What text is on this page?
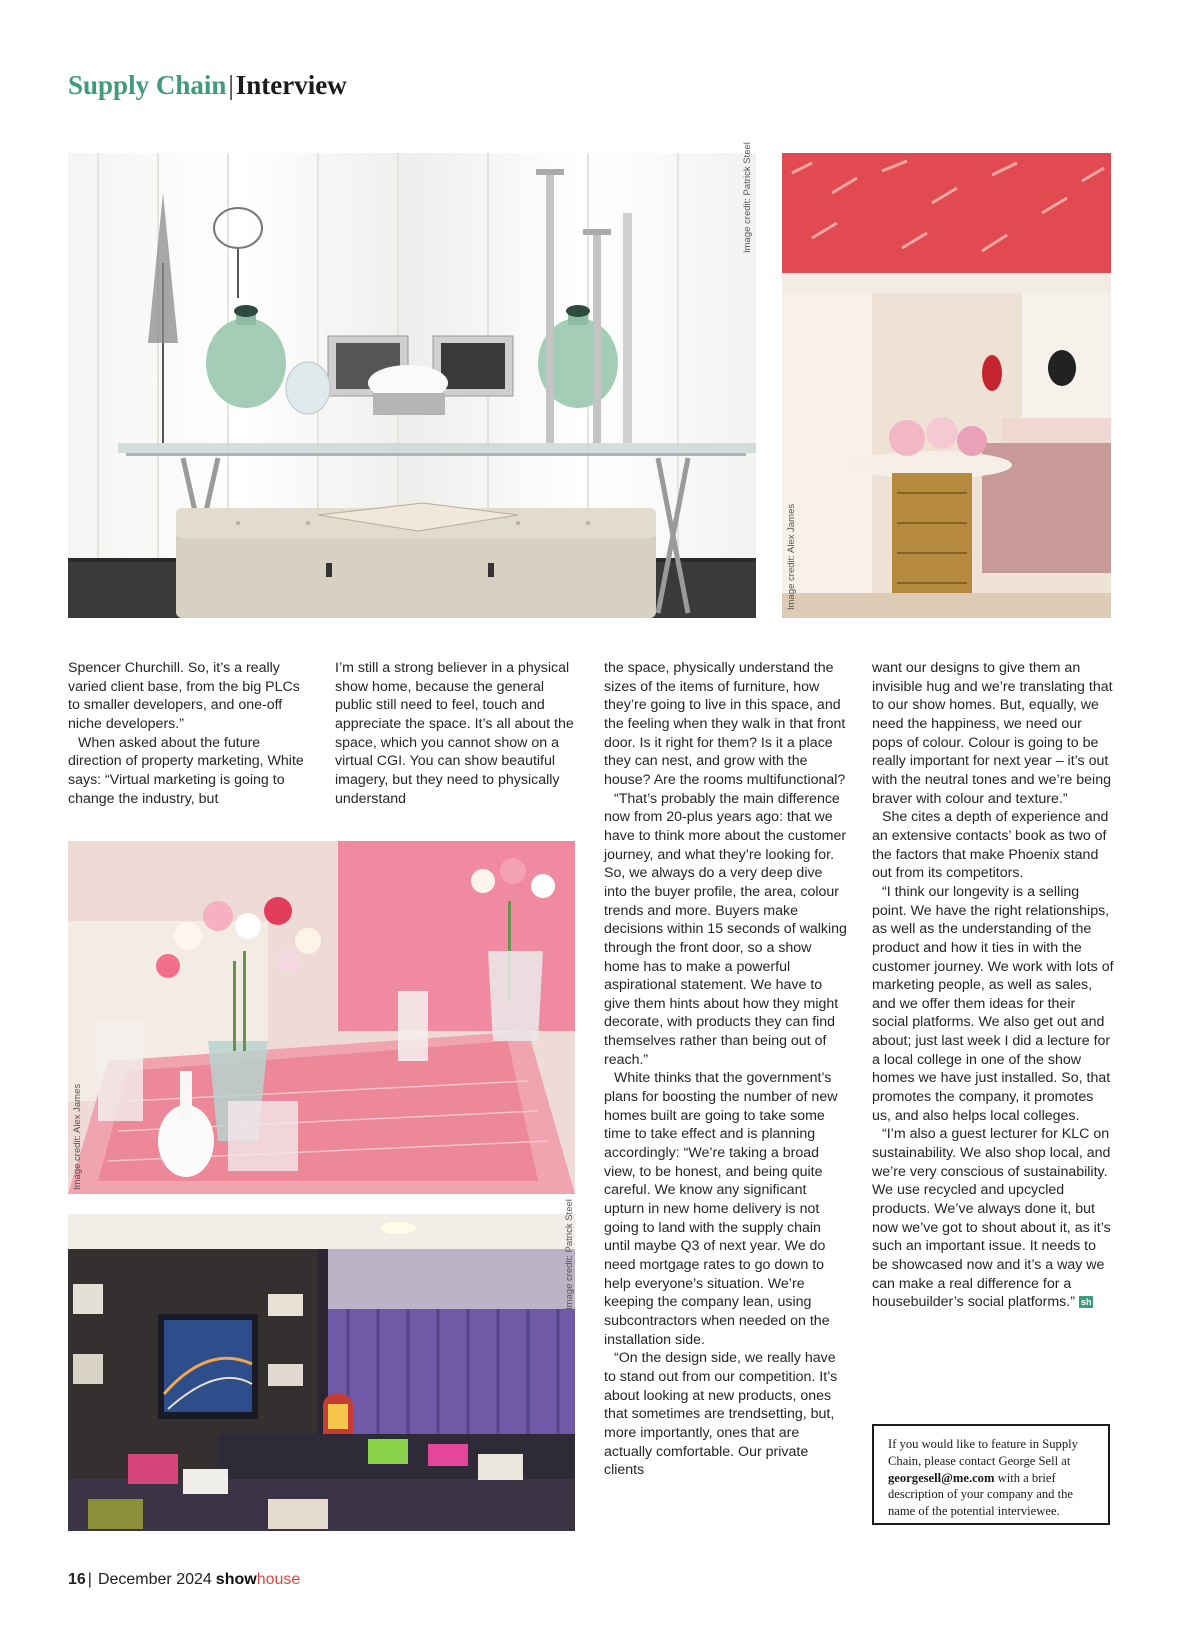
Supply Chain|Interview
Image credit: Patrick Steel
Image credit: Alex James

Spencer Churchill. So, it’s a really varied client base, from the big PLCs to smaller developers, and one-off niche developers.”

When asked about the future direction of property marketing, White says: “Virtual marketing is going to change the industry, but

I’m still a strong believer in a physical show home, because the general public still need to feel, touch and appreciate the space. It’s all about the space, which you cannot show on a virtual CGI. You can show beautiful imagery, but they need to physically understand

Image credit: Alex James
Image credit: Patrick Steel

the space, physically understand the sizes of the items of furniture, how they’re going to live in this space, and the feeling when they walk in that front door. Is it right for them? Is it a place they can nest, and grow with the house? Are the rooms multifunctional?

“That’s probably the main difference now from 20-plus years ago: that we have to think more about the customer journey, and what they’re looking for. So, we always do a very deep dive into the buyer profile, the area, colour trends and more. Buyers make decisions within 15 seconds of walking through the front door, so a show home has to make a powerful aspirational statement. We have to give them hints about how they might decorate, with products they can find themselves rather than being out of reach.”

White thinks that the government’s plans for boosting the number of new homes built are going to take some time to take effect and is planning accordingly: “We’re taking a broad view, to be honest, and being quite careful. We know any significant upturn in new home delivery is not going to land with the supply chain until maybe Q3 of next year. We do need mortgage rates to go down to help everyone’s situation. We’re keeping the company lean, using subcontractors when needed on the installation side.

“On the design side, we really have to stand out from our competition. It’s about looking at new products, ones that sometimes are trendsetting, but, more importantly, ones that are actually comfortable. Our private clients

want our designs to give them an invisible hug and we’re translating that to our show homes. But, equally, we need the happiness, we need our pops of colour. Colour is going to be really important for next year – it’s out with the neutral tones and we’re being braver with colour and texture.”

She cites a depth of experience and an extensive contacts’ book as two of the factors that make Phoenix stand out from its competitors.

“I think our longevity is a selling point. We have the right relationships, as well as the understanding of the product and how it ties in with the customer journey. We work with lots of marketing people, as well as sales, and we offer them ideas for their social platforms. We also get out and about; just last week I did a lecture for a local college in one of the show homes we have just installed. So, that promotes the company, it promotes us, and also helps local colleges.

“I’m also a guest lecturer for KLC on sustainability. We also shop local, and we’re very conscious of sustainability. We use recycled and upcycled products. We’ve always done it, but now we’ve got to shout about it, as it’s such an important issue. It needs to be showcased now and it’s a way we can make a real difference for a housebuilder’s social platforms.” sh

If you would like to feature in Supply Chain, please contact George Sell at georgesell@me.com with a brief description of your company and the name of the potential interviewee.
16 | December 2024 showhouse
